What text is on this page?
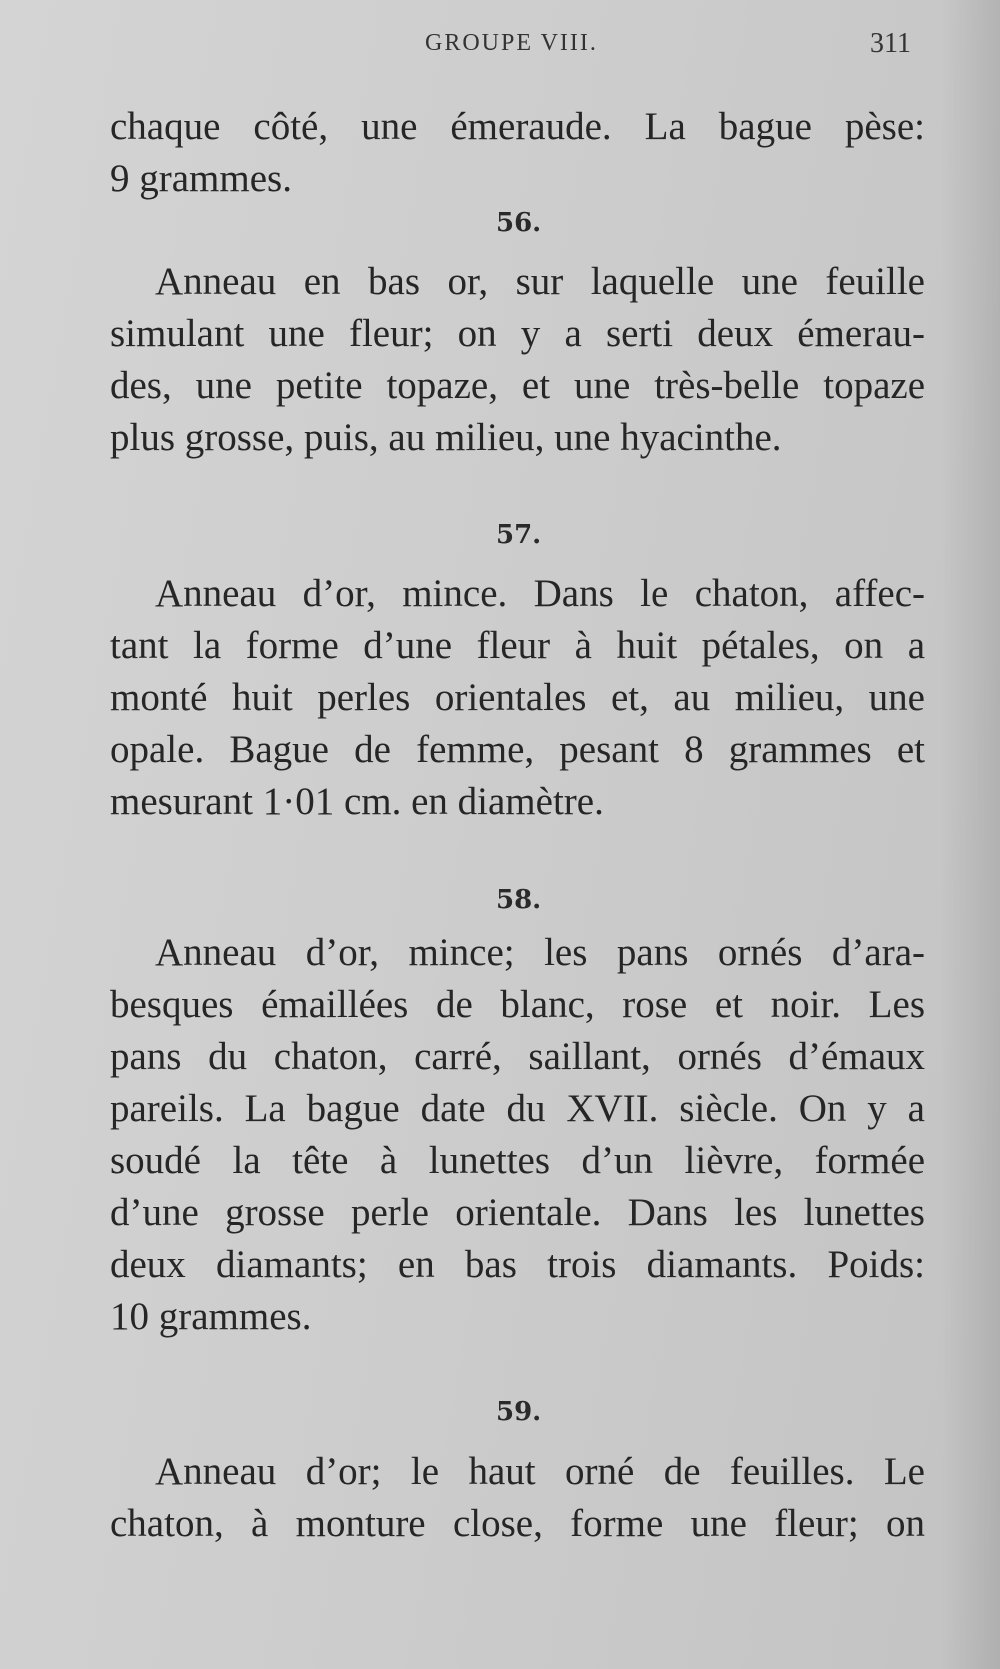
GROUPE VIII.	311
chaque côté, une émeraude. La bague pèse:
9 grammes.
56.
Anneau en bas or, sur laquelle une feuille
simulant une fleur; on y a serti deux émerau-
des, une petite topaze, et une très-belle topaze
plus grosse, puis, au milieu, une hyacinthe.
57.
Anneau d’or, mince. Dans le chaton, affec-
tant la forme d’une fleur à huit pétales, on a
monté huit perles orientales et, au milieu, une
opale. Bague de femme, pesant 8 grammes et
mesurant 1·01 cm. en diamètre.
58.
Anneau d’or, mince; les pans ornés d’ara-
besques émaillées de blanc, rose et noir. Les
pans du chaton, carré, saillant, ornés d’émaux
pareils. La bague date du XVII. siècle. On y a
soudé la tête à lunettes d’un lièvre, formée
d’une grosse perle orientale. Dans les lunettes
deux diamants; en bas trois diamants. Poids:
10 grammes.
59.
Anneau d’or; le haut orné de feuilles. Le
chaton, à monture close, forme une fleur; on
